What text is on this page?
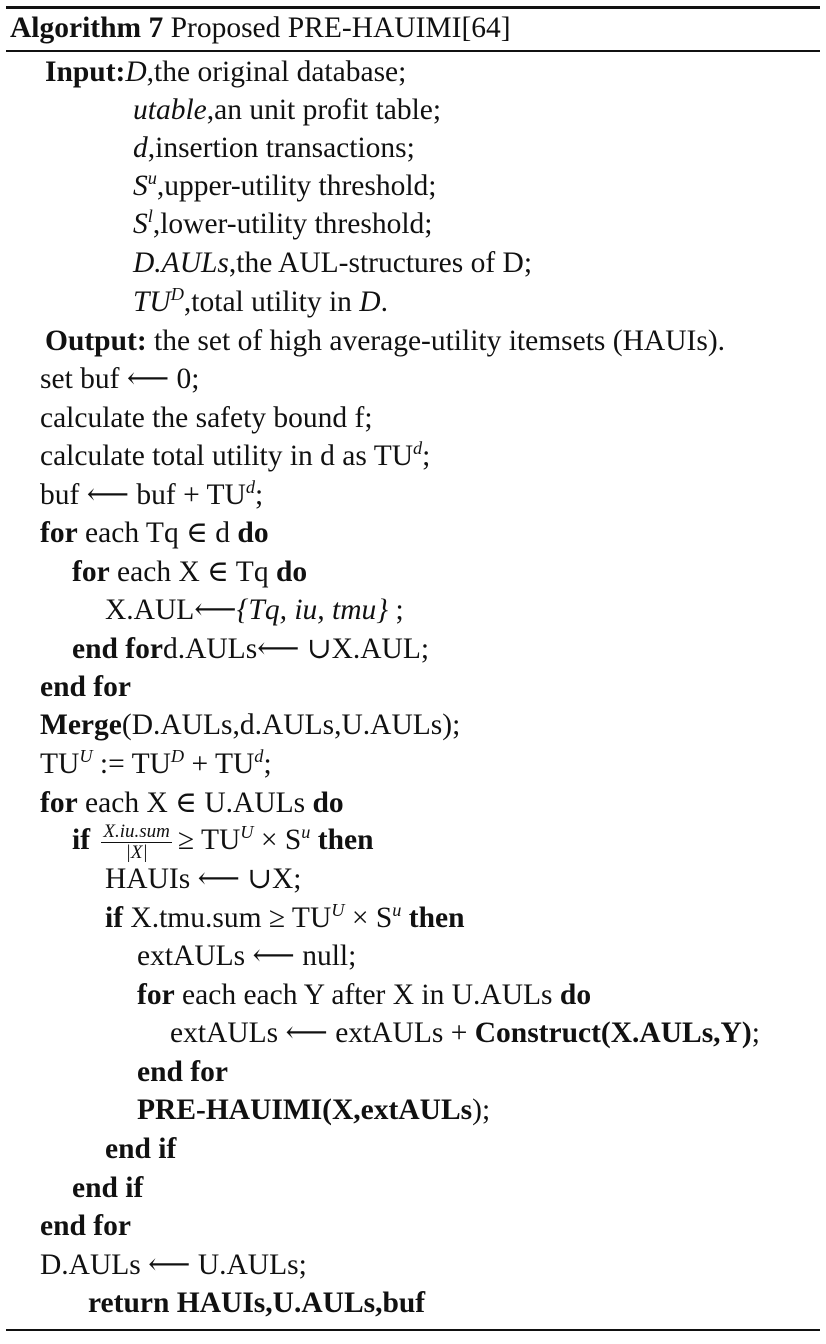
Algorithm 7 Proposed PRE-HAUIMI[64]
Input:D,the original database;
utable,an unit profit table;
d,insertion transactions;
$S^u,upper$-utility threshold;
$S^l,lower$-utility threshold;
D.AULs,the AUL-structures of D;
$TU^D,total$ utility in D.
Output: the set of high average-utility itemsets (HAUIs).
set buf ⟵ 0;
calculate the safety bound f;
calculate total utility in d as $TU^d$;
buf ⟵ buf + $TU^d$;
for each Tq ∈ d do
for each X ∈ Tq do
X.AUL⟵{Tq, iu, tmu} ;
end ford.AULs⟵ ∪X.AUL;
end for
Merge(D.AULs,d.AULs,U.AULs);
$TU^U$ := $TU^D + TU^d$;
for each X ∈ U.AULs do
if $\frac{\text{X.iu.sum}}{|X|} \ge TU^U \times S^u$ then
HAUIs ⟵ ∪X;
if $X.tmu.sum \ge TU^U \times S^u$ then
extAULs ⟵ null;
for each each Y after X in U.AULs do
extAULs ⟵ extAULs + Construct(X.AULs,Y);
end for
PRE-HAUIMI(X,extAULs);
end if
end if
end for
D.AULs ⟵ U.AULs;
return HAUIs,U.AULs,buf
